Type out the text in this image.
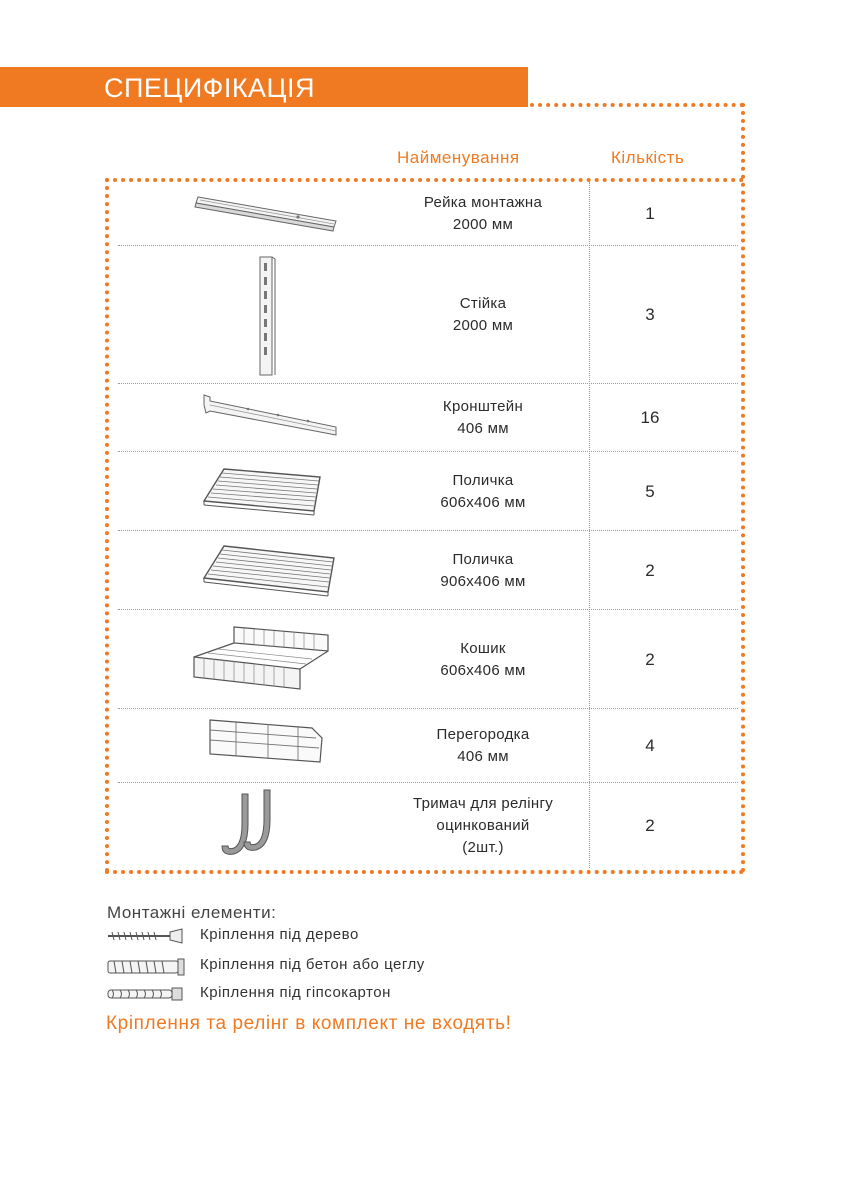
СПЕЦИФІКАЦІЯ
Найменування	Кількість
Рейка монтажна
2000 мм
1
Стійка
2000 мм
3
Кронштейн
406 мм
16
Поличка
606х406 мм
5
Поличка
906х406 мм
2
Кошик
606х406 мм
2
Перегородка
406 мм
4
Тримач для релінгу
оцинкований
(2шт.)
2
Монтажні елементи:
Кріплення під дерево
Кріплення під бетон або цеглу
Кріплення під гіпсокартон
Кріплення та релінг в комплект не входять!
